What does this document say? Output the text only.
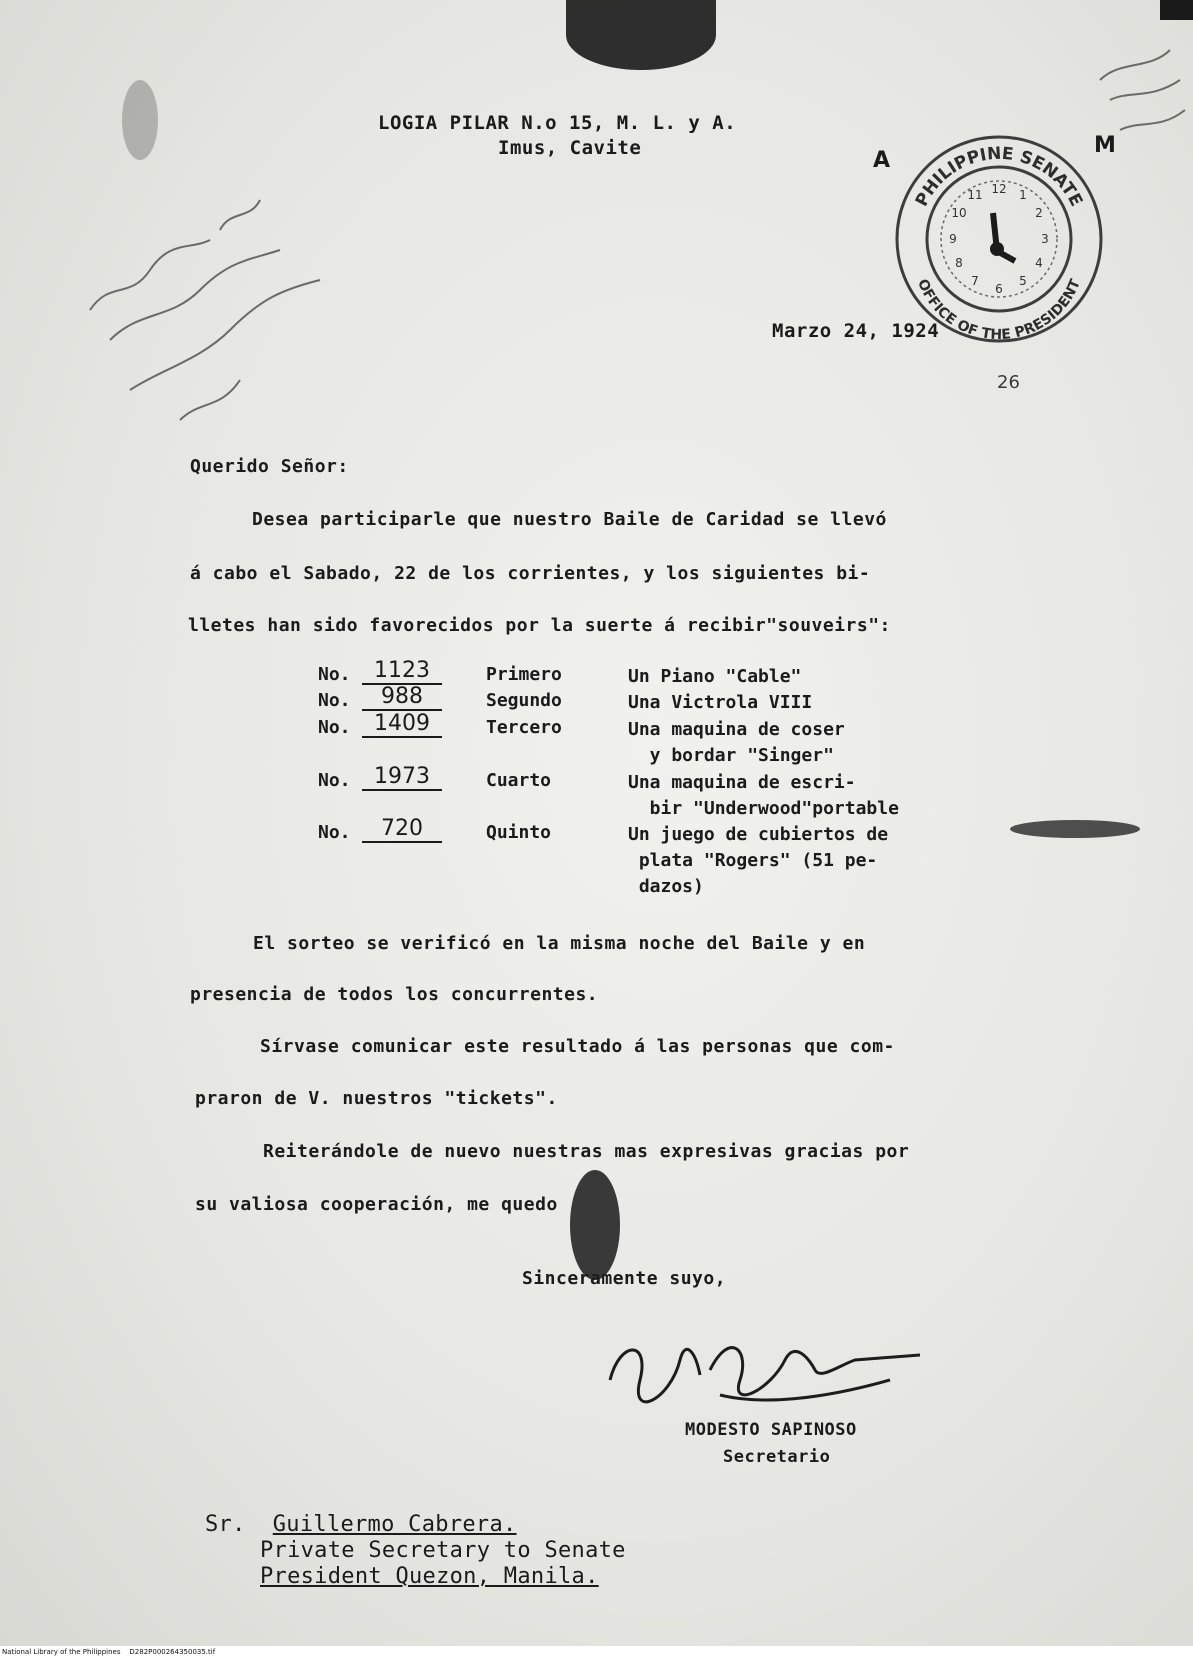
LOGIA PILAR N.o 15, M. L. y A.
Imus, Cavite	A
M
PHILIPPINE SENATE
OFFICE OF THE PRESIDENT
12 1
2
3
4
5
6
7
8
9
10
11
26
Marzo 24, 1924
Querido Señor:
Desea participarle que nuestro Baile de Caridad se llevó
á cabo el Sabado, 22 de los corrientes, y los siguientes bi-
lletes han sido favorecidos por la suerte á recibir"souveirs":
No.	1123	Primero	Un Piano "Cable"
No.	988	Segundo	Una Victrola VIII
No.	1409	Tercero	Una maquina de coser
y bordar "Singer"
No.	1973	Cuarto	Una maquina de escri-
bir "Underwood"portable
No.	720	Quinto	Un juego de cubiertos de
plata "Rogers" (51 pe-
dazos)
El sorteo se verificó en la misma noche del Baile y en
presencia de todos los concurrentes.
Sírvase comunicar este resultado á las personas que com-
praron de V. nuestros "tickets".
Reiterándole de nuevo nuestras mas expresivas gracias por
su valiosa cooperación, me quedo
Sinceramente suyo,
MODESTO SAPINOSO
Secretario
Sr. Guillermo Cabrera.
Private Secretary to Senate
President Quezon, Manila.
National Library of the Philippines    D282P000264350035.tif
